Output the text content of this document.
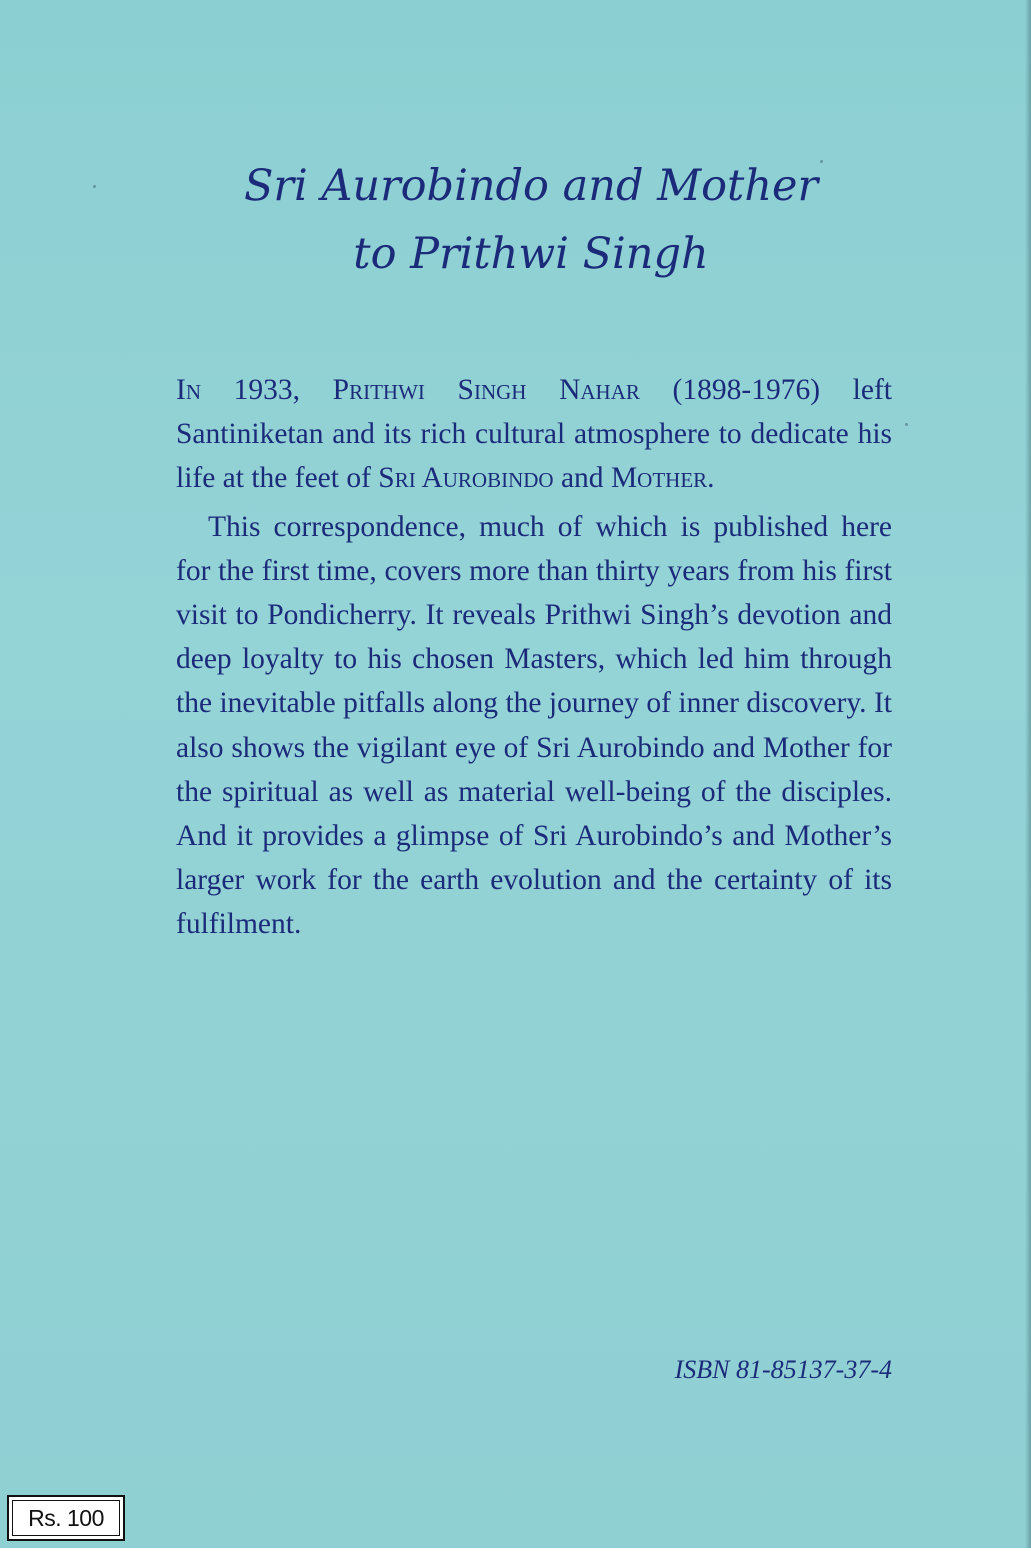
Sri Aurobindo and Mother
to Prithwi Singh

In 1933, Prithwi Singh Nahar (1898-1976) left Santiniketan and its rich cultural atmosphere to dedicate his life at the feet of Sri Aurobindo and Mother.

This correspondence, much of which is published here for the first time, covers more than thirty years from his first visit to Pondicherry. It reveals Prithwi Singh’s devotion and deep loyalty to his chosen Masters, which led him through the inevitable pitfalls along the journey of inner discovery. It also shows the vigilant eye of Sri Aurobindo and Mother for the spiritual as well as material well-being of the disciples. And it provides a glimpse of Sri Aurobindo’s and Mother’s larger work for the earth evolution and the certainty of its fulfilment.

ISBN 81-85137-37-4
Rs. 100
